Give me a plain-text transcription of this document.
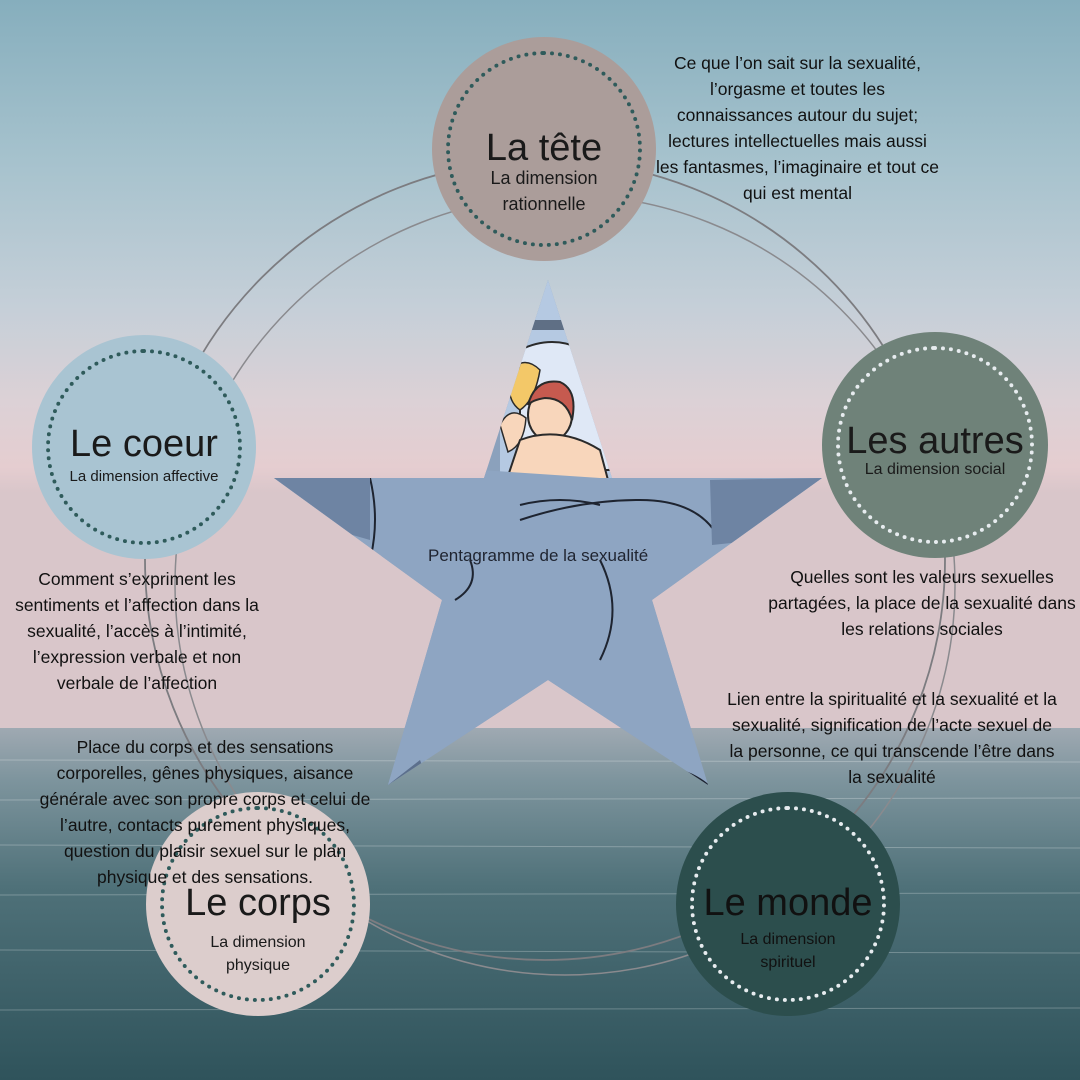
Pentagramme de la sexualité
La tête
La dimension rationnelle
Le coeur
La dimension affective
Les autres
La dimension social
Le corps
La dimension physique
Le monde
La dimension spirituel
Ce que l’on sait sur la sexualité, l’orgasme et toutes les connaissances autour du sujet; lectures intellectuelles mais aussi les fantasmes, l’imaginaire et tout ce qui est mental
Comment s’expriment les sentiments et l’affection dans la sexualité, l’accès à l’intimité, l’expression verbale et non verbale de l’affection
Quelles sont les valeurs sexuelles partagées, la place de la sexualité dans les relations sociales
Lien entre la spiritualité et la sexualité et la sexualité, signification de l’acte sexuel de la personne, ce qui transcende l’être dans la sexualité
Place du corps et des sensations corporelles, gênes physiques, aisance générale avec son propre corps et celui de l’autre, contacts purement physiques, question du plaisir sexuel sur le plan physique et des sensations.
